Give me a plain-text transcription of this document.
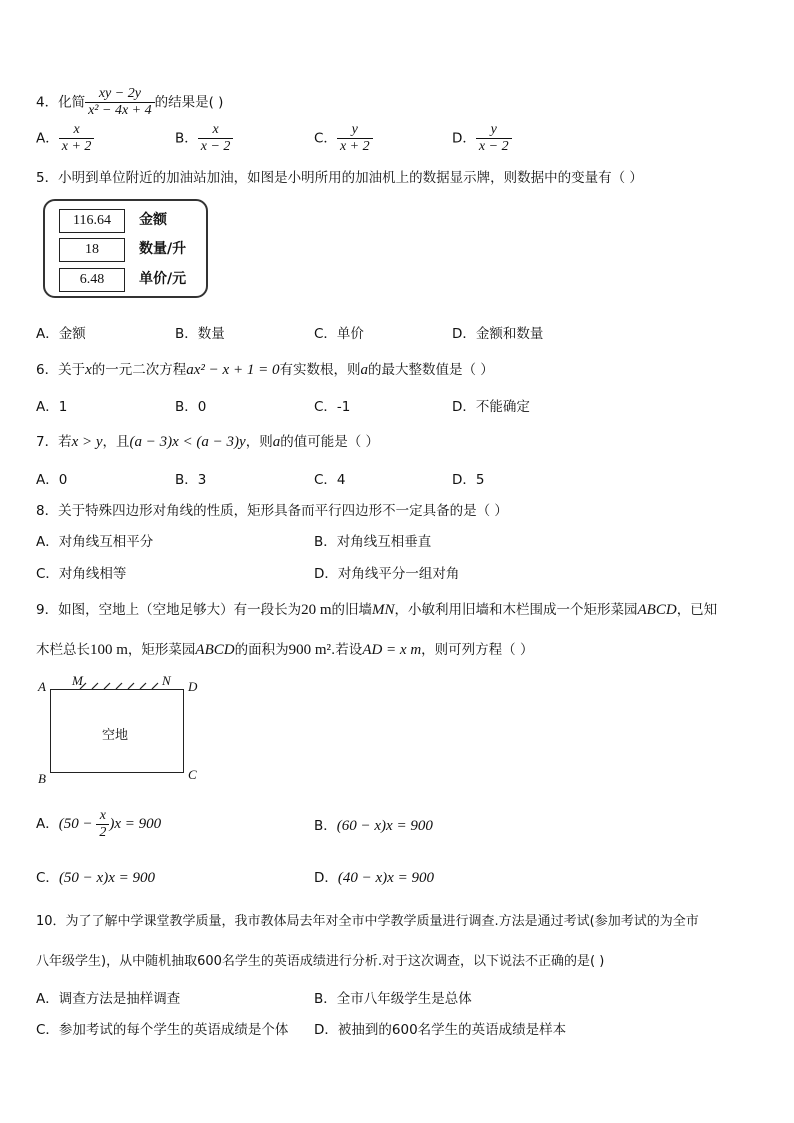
4．化简 $\frac{xy - 2y}{\text{x² − 4x + 4}}$ 的结果是( )
A． $\frac{x}{x + 2}$	B． $\frac{x}{x - 2}$	C． $\frac{y}{x + 2}$	D． $\frac{y}{x - 2}$
5．小明到单位附近的加油站加油，如图是小明所用的加油机上的数据显示牌，则数据中的变量有（ ）
116.64	金额
18	数量/升
6.48	单价/元
A．金额	B．数量	C．单价	D．金额和数量
6．关于x的一元二次方程ax² − x + 1 = 0有实数根，则a的最大整数值是（ ）
A．1	B．0	C．-1	D．不能确定
7．若x > y，且(a − 3)x < (a − 3)y，则a的值可能是（ ）
A．0	B．3	C．4	D．5
8．关于特殊四边形对角线的性质，矩形具备而平行四边形不一定具备的是（ ）
A．对角线互相平分	B．对角线互相垂直
C．对角线相等	D．对角线平分一组对角
9．如图，空地上（空地足够大）有一段长为20 m的旧墙MN，小敏利用旧墙和木栏围成一个矩形菜园ABCD，已知
木栏总长100 m，矩形菜园ABCD的面积为900 m².若设AD = x m，则可列方程（ ）
A M	N D
B	C
空地
A．$(50 - \frac{x}{2} )x = 900$	B．(60 − x)x = 900
C．(50 − x)x = 900	D．(40 − x)x = 900
10．为了了解中学课堂教学质量，我市教体局去年对全市中学教学质量进行调查.方法是通过考试(参加考试的为全市
八年级学生)，从中随机抽取600名学生的英语成绩进行分析.对于这次调查，以下说法不正确的是( )
A．调查方法是抽样调查	B．全市八年级学生是总体
C．参加考试的每个学生的英语成绩是个体 D．被抽到的600名学生的英语成绩是样本
